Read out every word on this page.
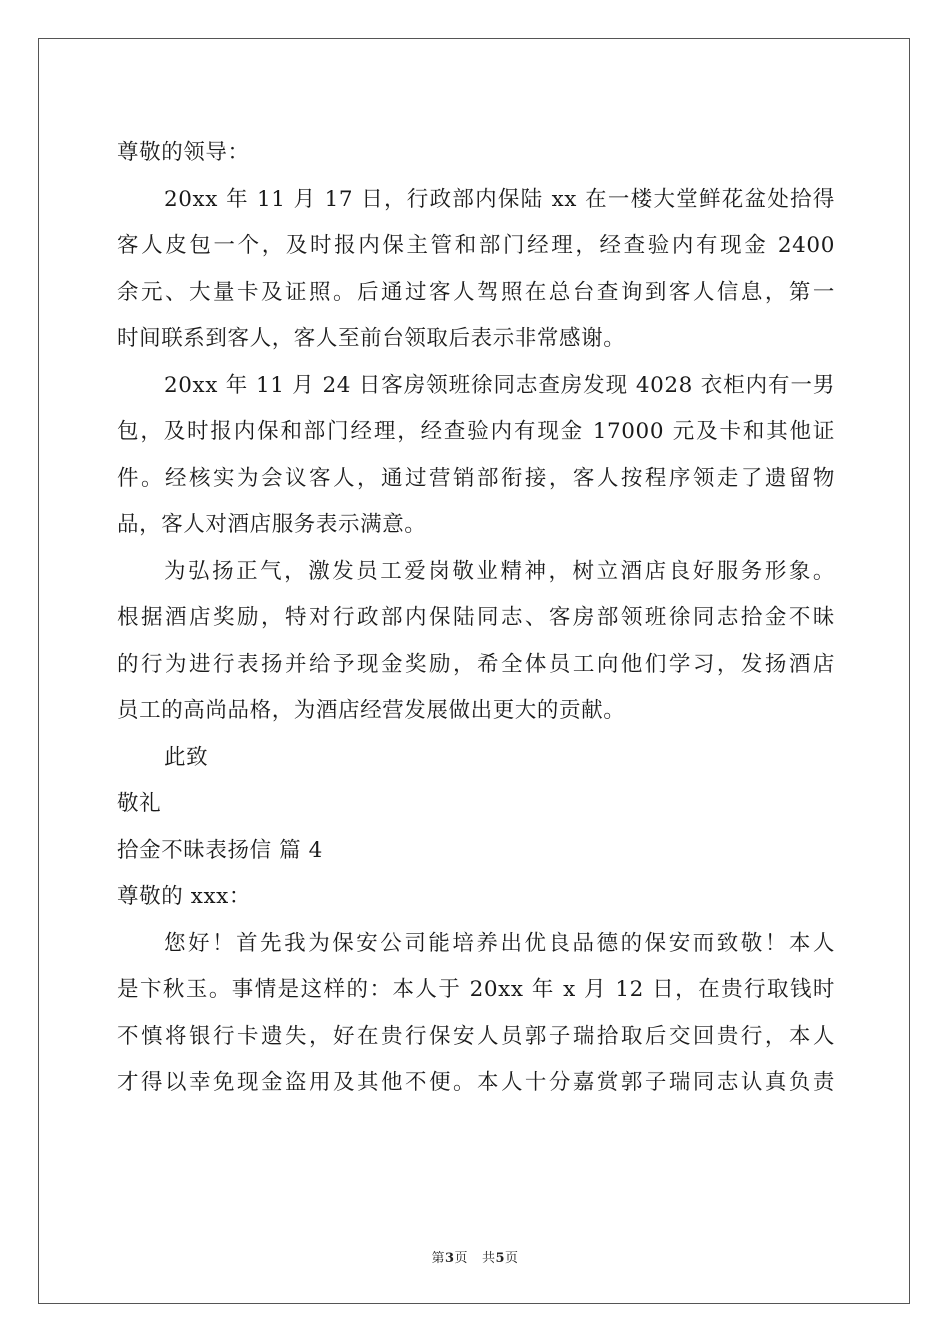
尊敬的领导：
20xx 年 11 月 17 日，行政部内保陆 xx 在一楼大堂鲜花盆处拾得
客人皮包一个，及时报内保主管和部门经理，经查验内有现金 2400
余元、大量卡及证照。后通过客人驾照在总台查询到客人信息，第一
时间联系到客人，客人至前台领取后表示非常感谢。
20xx 年 11 月 24 日客房领班徐同志查房发现 4028 衣柜内有一男
包，及时报内保和部门经理，经查验内有现金 17000 元及卡和其他证
件。经核实为会议客人，通过营销部衔接，客人按程序领走了遗留物
品，客人对酒店服务表示满意。
为弘扬正气，激发员工爱岗敬业精神，树立酒店良好服务形象。
根据酒店奖励，特对行政部内保陆同志、客房部领班徐同志拾金不昧
的行为进行表扬并给予现金奖励，希全体员工向他们学习，发扬酒店
员工的高尚品格，为酒店经营发展做出更大的贡献。
此致
敬礼
拾金不昧表扬信 篇 4
尊敬的 xxx：
您好！首先我为保安公司能培养出优良品德的保安而致敬！本人
是卞秋玉。事情是这样的：本人于 20xx 年 x 月 12 日，在贵行取钱时
不慎将银行卡遗失，好在贵行保安人员郭子瑞拾取后交回贵行，本人
才得以幸免现金盗用及其他不便。本人十分嘉赏郭子瑞同志认真负责
第3页 共5页
